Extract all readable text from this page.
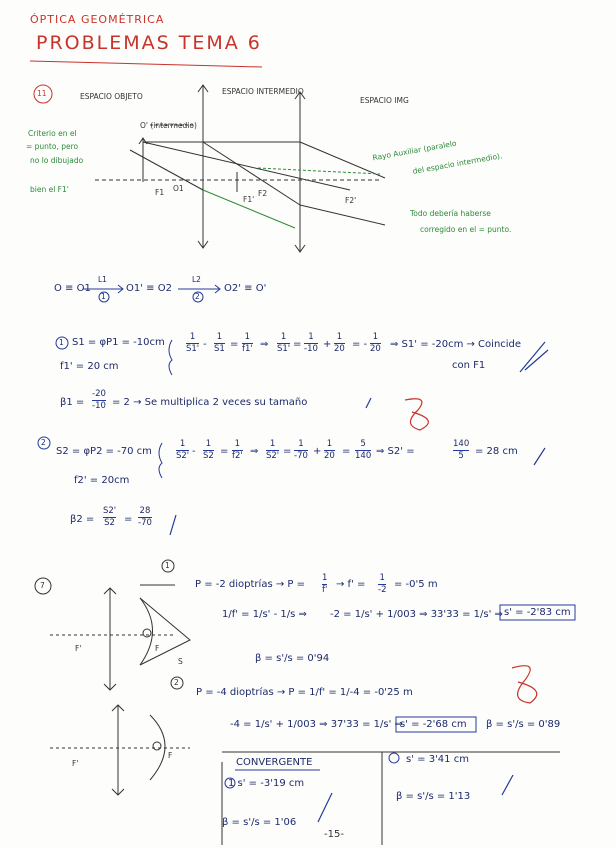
ÓPTICA GEOMÉTRICA
PROBLEMAS TEMA 6
11	ESPACIO OBJETO
ESPACIO INTERMEDIO
ESPACIO IMG
O' (intermedio)
Criterio en el
= punto, pero
no lo dibujado
bien el F1'	F1 O1
F1'
F2
F2'
Rayo Auxiliar (paralelo
del espacio intermedio).
Todo debería haberse
corregido en el = punto.
O ≡ O1
L1
1
O1' ≡ O2
L2
2
O2' ≡ O'
1 S1 = φP1 = -10cm
f1' = 20 cm
1
S1' -
1
S1 =
1
f1' ⇒
1
S1' =
1
-10 +
1
20 = -
1
20 ⇒ S1' = -20cm → Coincide
con F1
β1 =
-20
-10 = 2 → Se multiplica 2 veces su tamaño
2
S2 = φP2 = -70 cm
f2' = 20cm
1
S2' -
1
S2 =
1
f2' ⇒
1
S2' =
1
-70 +
1
20 =
5
140 ⇒ S2' =
140
5 = 28 cm
β2 =
S2'
S2 =
28
-70
7
1
2
F'	F
S
F'
F
P = -2 dioptrías → P =
1
f' → f' =
1
-2 = -0'5 m
1/f' = 1/s' - 1/s ⇒ -2 = 1/s' + 1/003 ⇒ 33'33 = 1/s' ⇒ s' = -2'83 cm
β = s'/s = 0'94
P = -4 dioptrías → P = 1/f' = 1/-4 = -0'25 m
-4 = 1/s' + 1/003 ⇒ 37'33 = 1/s' ⇒
s' = -2'68 cm β = s'/s = 0'89
CONVERGENTE
1 s' = -3'19 cm
β = s'/s = 1'06
s' = 3'41 cm
β = s'/s = 1'13
-15-
